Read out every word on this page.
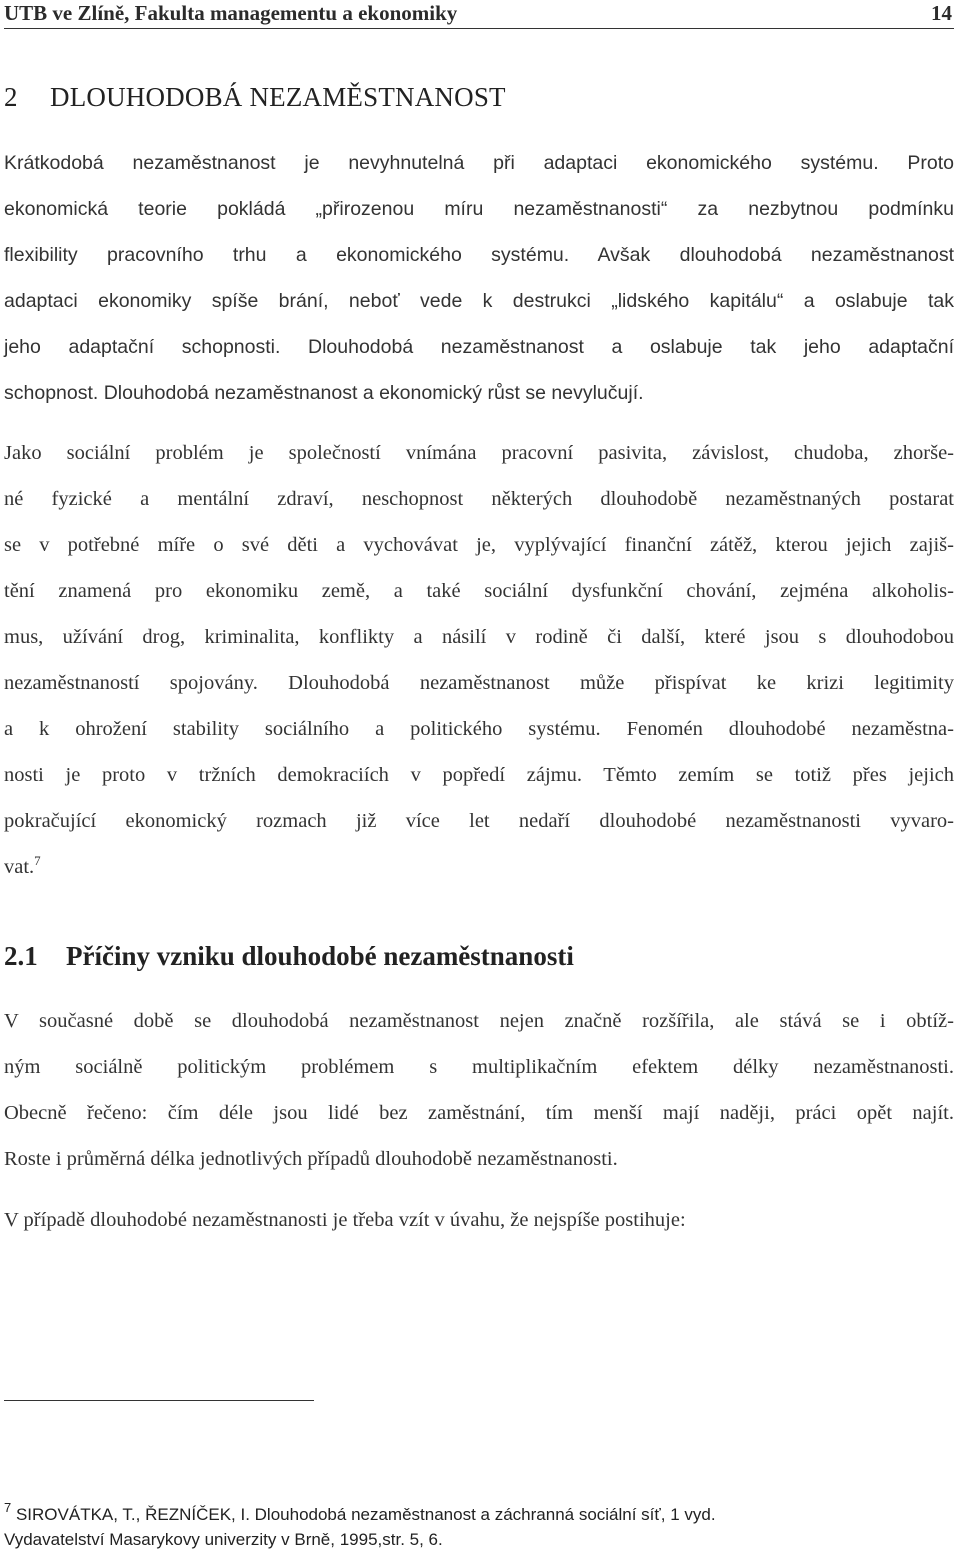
UTB ve Zlíně, Fakulta managementu a ekonomiky	14
2 DLOUHODOBÁ NEZAMĚSTNANOST
Krátkodobá nezaměstnanost je nevyhnutelná při adaptaci ekonomického systému. Proto
ekonomická teorie pokládá „přirozenou míru nezaměstnanosti“ za nezbytnou podmínku
flexibility pracovního trhu a ekonomického systému. Avšak dlouhodobá nezaměstnanost
adaptaci ekonomiky spíše brání, neboť vede k destrukci „lidského kapitálu“ a oslabuje tak
jeho adaptační schopnosti. Dlouhodobá nezaměstnanost a oslabuje tak jeho adaptační
schopnost. Dlouhodobá nezaměstnanost a ekonomický růst se nevylučují.
Jako sociální problém je společností vnímána pracovní pasivita, závislost, chudoba, zhorše-
né fyzické a mentální zdraví, neschopnost některých dlouhodobě nezaměstnaných postarat
se v potřebné míře o své děti a vychovávat je, vyplývající finanční zátěž, kterou jejich zajiš-
tění znamená pro ekonomiku země, a také sociální dysfunkční chování, zejména alkoholis-
mus, užívání drog, kriminalita, konflikty a násilí v rodině či další, které jsou s dlouhodobou
nezaměstnaností spojovány. Dlouhodobá nezaměstnanost může přispívat ke krizi legitimity
a k ohrožení stability sociálního a politického systému. Fenomén dlouhodobé nezaměstna-
nosti je proto v tržních demokraciích v popředí zájmu. Těmto zemím se totiž přes jejich
pokračující ekonomický rozmach již více let nedaří dlouhodobé nezaměstnanosti vyvaro-
vat.$^7$
2.1 Příčiny vzniku dlouhodobé nezaměstnanosti
V současné době se dlouhodobá nezaměstnanost nejen značně rozšířila, ale stává se i obtíž-
ným sociálně politickým problémem s multiplikačním efektem délky nezaměstnanosti.
Obecně řečeno: čím déle jsou lidé bez zaměstnání, tím menší mají naději, práci opět najít.
Roste i průměrná délka jednotlivých případů dlouhodobě nezaměstnanosti.
V případě dlouhodobé nezaměstnanosti je třeba vzít v úvahu, že nejspíše postihuje:
$^7$ SIROVÁTKA, T., ŘEZNÍČEK, I. Dlouhodobá nezaměstnanost a záchranná sociální síť, 1 vyd.
Vydavatelství Masarykovy univerzity v Brně, 1995,str. 5, 6.
